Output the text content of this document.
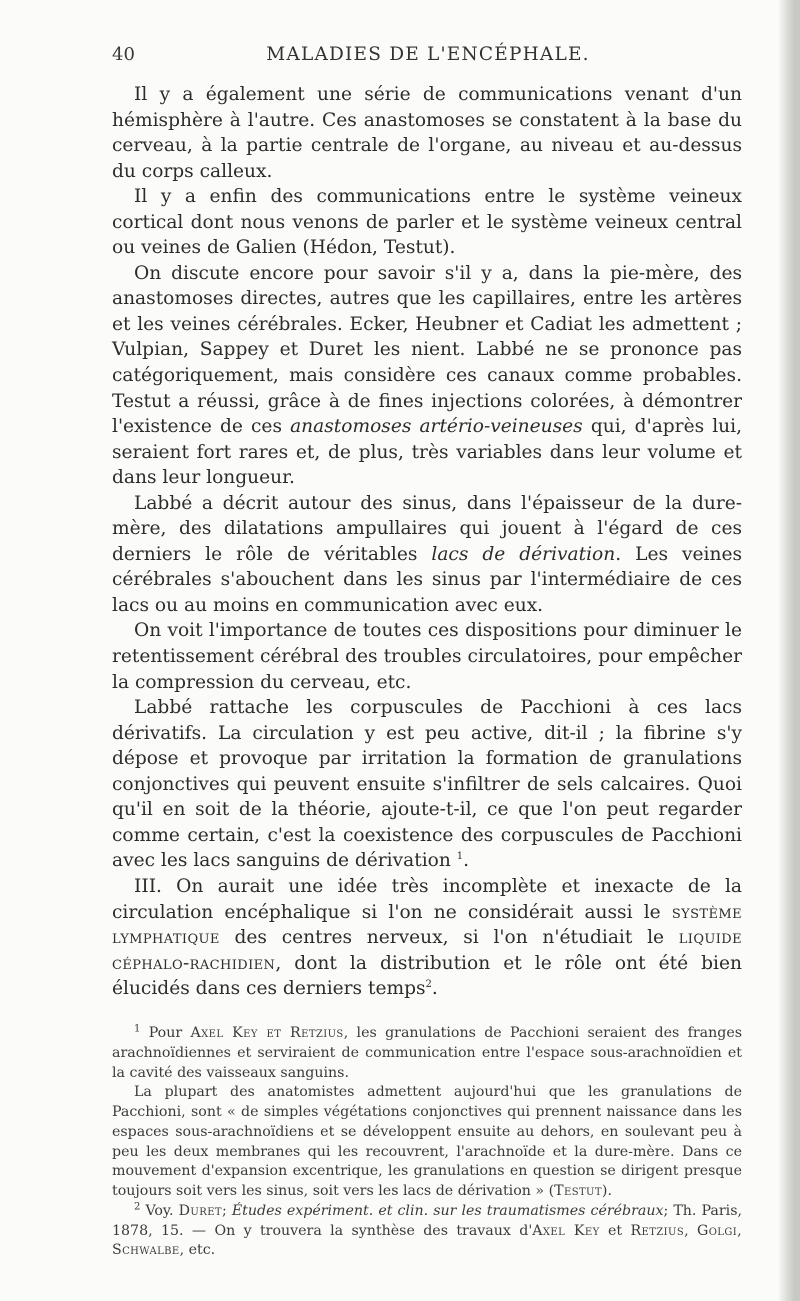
40	MALADIES DE L'ENCÉPHALE.

Il y a également une série de communications venant d'un hémisphère à l'autre. Ces anastomoses se constatent à la base du cerveau, à la partie centrale de l'organe, au niveau et au-dessus du corps calleux.

Il y a enfin des communications entre le système veineux cortical dont nous venons de parler et le système veineux central ou veines de Galien (Hédon, Testut).

On discute encore pour savoir s'il y a, dans la pie-mère, des anastomoses directes, autres que les capillaires, entre les artères et les veines cérébrales. Ecker, Heubner et Cadiat les admettent ; Vulpian, Sappey et Duret les nient. Labbé ne se prononce pas catégoriquement, mais considère ces canaux comme probables. Testut a réussi, grâce à de fines injections colorées, à démontrer l'existence de ces anastomoses artério-veineuses qui, d'après lui, seraient fort rares et, de plus, très variables dans leur volume et dans leur longueur.

Labbé a décrit autour des sinus, dans l'épaisseur de la dure-mère, des dilatations ampullaires qui jouent à l'égard de ces derniers le rôle de véritables lacs de dérivation. Les veines cérébrales s'abouchent dans les sinus par l'intermédiaire de ces lacs ou au moins en communication avec eux.

On voit l'importance de toutes ces dispositions pour diminuer le retentissement cérébral des troubles circulatoires, pour empêcher la compression du cerveau, etc.

Labbé rattache les corpuscules de Pacchioni à ces lacs dérivatifs. La circulation y est peu active, dit-il ; la fibrine s'y dépose et provoque par irritation la formation de granulations conjonctives qui peuvent ensuite s'infiltrer de sels calcaires. Quoi qu'il en soit de la théorie, ajoute-t-il, ce que l'on peut regarder comme certain, c'est la coexistence des corpuscules de Pacchioni avec les lacs sanguins de dérivation $^1$.

III. On aurait une idée très incomplète et inexacte de la circulation encéphalique si l'on ne considérait aussi le système lymphatique des centres nerveux, si l'on n'étudiait le liquide céphalo-rachidien, dont la distribution et le rôle ont été bien élucidés dans ces derniers temps$^2$.

$^1$ Pour Axel Key et Retzius, les granulations de Pacchioni seraient des franges arachnoïdiennes et serviraient de communication entre l'espace sous-arachnoïdien et la cavité des vaisseaux sanguins.

La plupart des anatomistes admettent aujourd'hui que les granulations de Pacchioni, sont « de simples végétations conjonctives qui prennent naissance dans les espaces sous-arachnoïdiens et se développent ensuite au dehors, en soulevant peu à peu les deux membranes qui les recouvrent, l'arachnoïde et la dure-mère. Dans ce mouvement d'expansion excentrique, les granulations en question se dirigent presque toujours soit vers les sinus, soit vers les lacs de dérivation » (Testut).

$^2$ Voy. Duret; Études expériment. et clin. sur les traumatismes cérébraux; Th. Paris, 1878, 15. — On y trouvera la synthèse des travaux d'Axel Key et Retzius, Golgi, Schwalbe, etc.
